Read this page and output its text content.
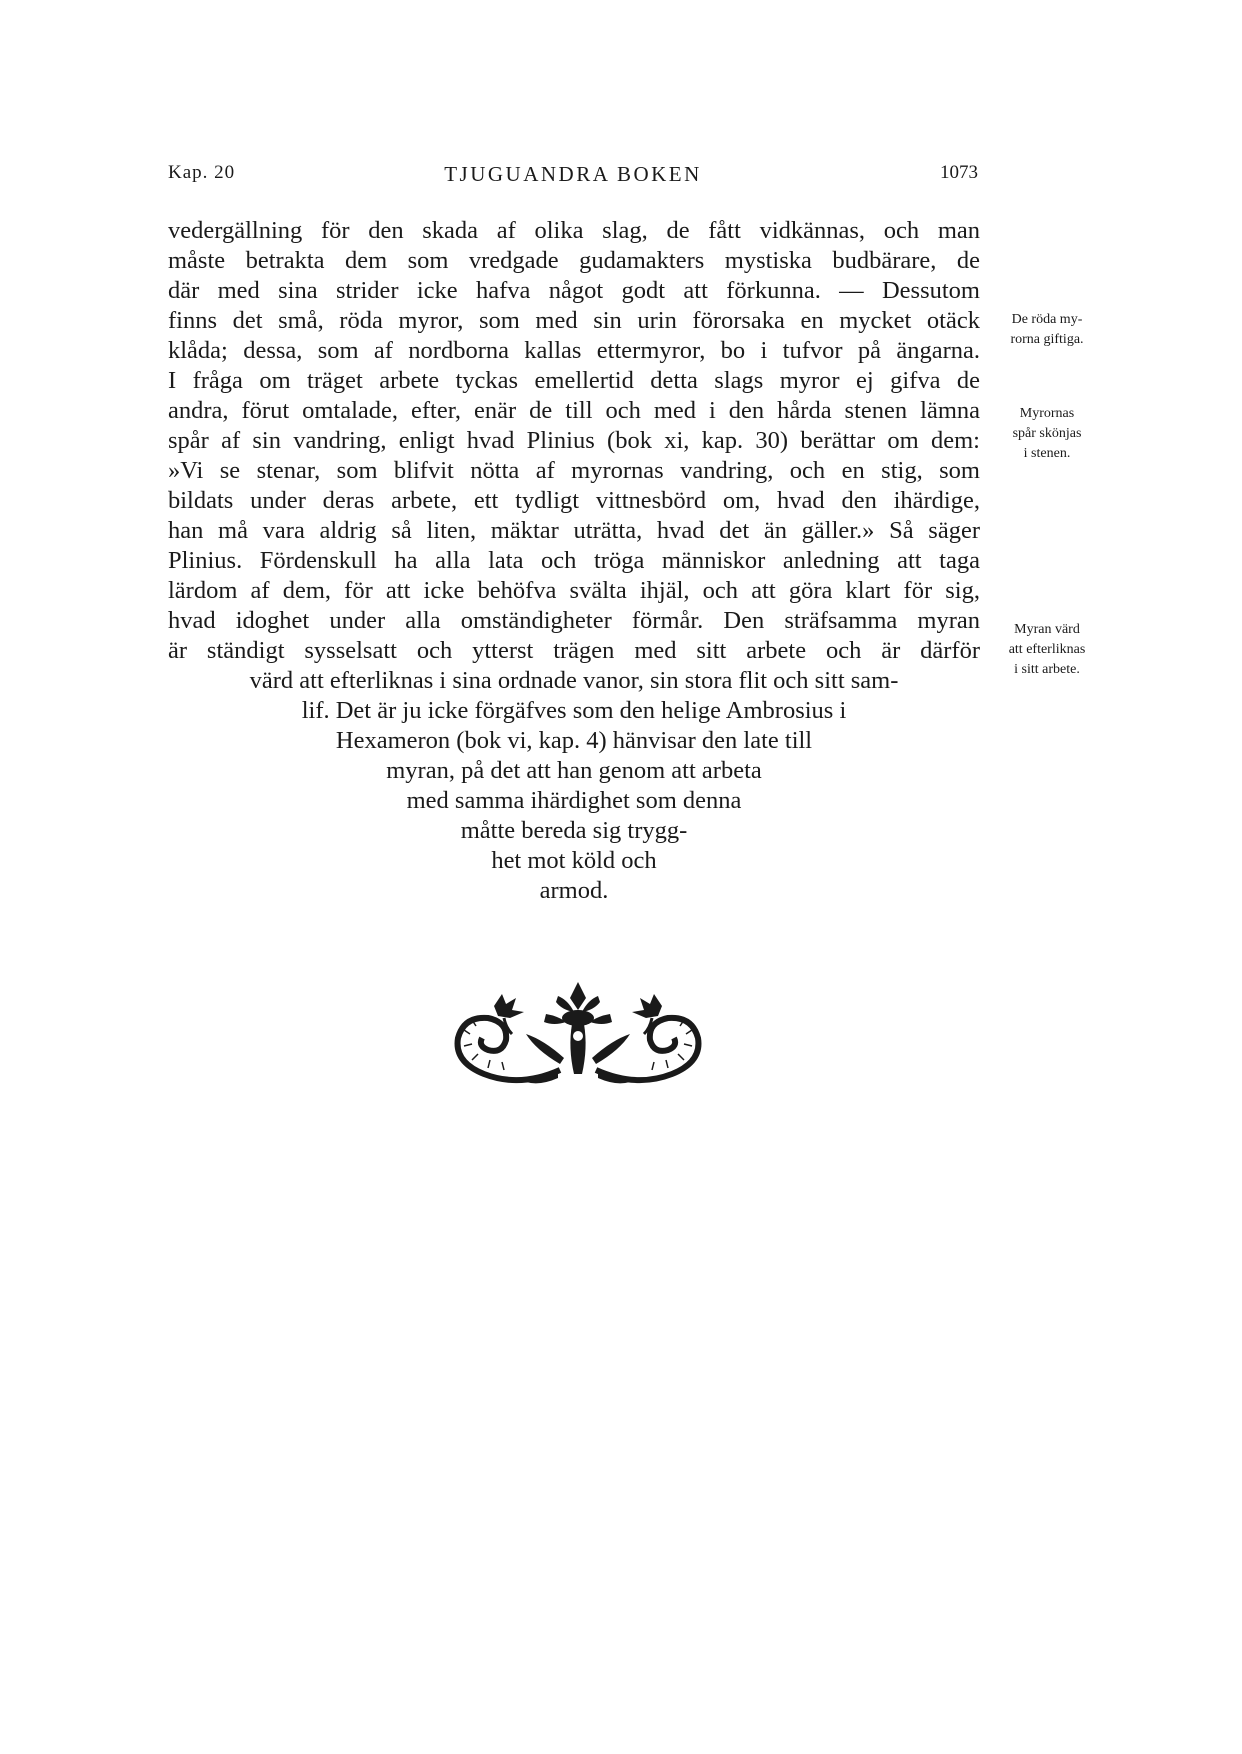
Kap. 20	TJUGUANDRA BOKEN	1073
vedergällning för den skada af olika slag, de fått vidkännas, och man
måste betrakta dem som vredgade gudamakters mystiska budbärare, de
där med sina strider icke hafva något godt att förkunna. — Dessutom
finns det små, röda myror, som med sin urin förorsaka en mycket otäck
klåda; dessa, som af nordborna kallas ettermyror, bo i tufvor på ängarna.
I fråga om träget arbete tyckas emellertid detta slags myror ej gifva de
andra, förut omtalade, efter, enär de till och med i den hårda stenen lämna
spår af sin vandring, enligt hvad Plinius (bok xi, kap. 30) berättar om dem:
»Vi se stenar, som blifvit nötta af myrornas vandring, och en stig, som
bildats under deras arbete, ett tydligt vittnesbörd om, hvad den ihärdige,
han må vara aldrig så liten, mäktar uträtta, hvad det än gäller.» Så säger
Plinius. Fördenskull ha alla lata och tröga människor anledning att taga
lärdom af dem, för att icke behöfva svälta ihjäl, och att göra klart för sig,
hvad idoghet under alla omständigheter förmår. Den sträfsamma myran
är ständigt sysselsatt och ytterst trägen med sitt arbete och är därför
värd att efterliknas i sina ordnade vanor, sin stora flit och sitt sam-
lif. Det är ju icke förgäfves som den helige Ambrosius i
Hexameron (bok vi, kap. 4) hänvisar den late till
myran, på det att han genom att arbeta
med samma ihärdighet som denna
måtte bereda sig trygg-
het mot köld och
armod.
De röda my-
rorna giftiga.
Myrornas
spår skönjas
i stenen.
Myran värd
att efterliknas
i sitt arbete.
